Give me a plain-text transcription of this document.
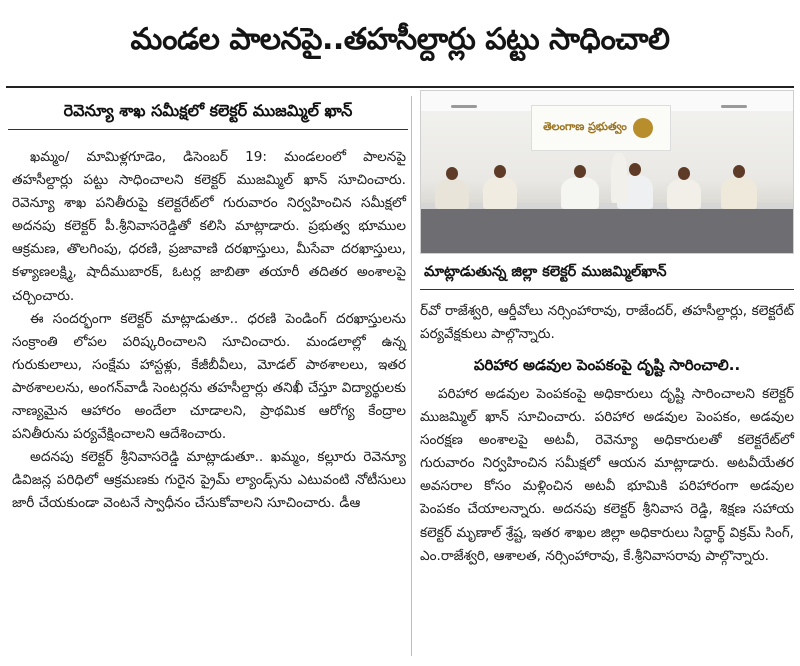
మండల పాలనపై..తహసీల్దార్లు పట్టు సాధించాలి
రెవెన్యూ శాఖ సమీక్షలో కలెక్టర్ ముజమ్మిల్ ఖాన్

ఖమ్మం/ మామిళ్లగూడెం, డిసెంబర్ 19: మండలంలో పాలనపై తహసీల్దార్లు పట్టు సాధించాలని కలెక్టర్ ముజమ్మిల్ ఖాన్ సూచించారు. రెవెన్యూ శాఖ పనితీరుపై కలెక్టరేట్‌లో గురువారం నిర్వహించిన సమీక్షలో అదనపు కలెక్టర్ పీ.శ్రీనివాసరెడ్డితో కలిసి మాట్లాడారు. ప్రభుత్వ భూముల ఆక్రమణ, తొలగింపు, ధరణి, ప్రజావాణి దరఖాస్తులు, మీసేవా దరఖాస్తులు, కళ్యాణలక్ష్మి, షాదీముబారక్, ఓటర్ల జాబితా తయారీ తదితర అంశాలపై చర్చించారు.

ఈ సందర్భంగా కలెక్టర్ మాట్లాడుతూ.. ధరణి పెండింగ్ దరఖాస్తులను సంక్రాంతి లోపల పరిష్కరించాలని సూచించారు. మండలాల్లో ఉన్న గురుకులాలు, సంక్షేమ హాస్టళ్లు, కేజీబీవీలు, మోడల్ పాఠశాలలు, ఇతర పాఠశాలలను, అంగన్‌వాడీ సెంటర్లను తహసీల్దార్లు తనిఖీ చేస్తూ విద్యార్థులకు నాణ్యమైన ఆహారం అందేలా చూడాలని, ప్రాథమిక ఆరోగ్య కేంద్రాల పనితీరును పర్యవేక్షించాలని ఆదేశించారు.

అదనపు కలెక్టర్ శ్రీనివాసరెడ్డి మాట్లాడుతూ.. ఖమ్మం, కల్లూరు రెవెన్యూ డివిజన్ల పరిధిలో ఆక్రమణకు గురైన ప్రైమ్ ల్యాండ్స్‌ను ఎటువంటి నోటీసులు జారీ చేయకుండా వెంటనే స్వాధీనం చేసుకోవాలని సూచించారు. డీఆ

తెలంగాణ ప్రభుత్వం
మాట్లాడుతున్న జిల్లా కలెక్టర్ ముజమ్మిల్‌ఖాన్

ర్‌వో రాజేశ్వరి, ఆర్డీవోలు నర్సింహారావు, రాజేందర్, తహసీల్దార్లు, కలెక్టరేట్ పర్యవేక్షకులు పాల్గొన్నారు.

పరిహార అడవుల పెంపకంపై దృష్టి సారించాలి..

పరిహార అడవుల పెంపకంపై అధికారులు దృష్టి సారించాలని కలెక్టర్ ముజమ్మిల్ ఖాన్ సూచించారు. పరిహార అడవుల పెంపకం, అడవుల సంరక్షణ అంశాలపై అటవీ, రెవెన్యూ అధికారులతో కలెక్టరేట్‌లో గురువారం నిర్వహించిన సమీక్షలో ఆయన మాట్లాడారు. అటవీయేతర అవసరాల కోసం మళ్లించిన అటవీ భూమికి పరిహారంగా అడవుల పెంపకం చేయాలన్నారు. అదనపు కలెక్టర్ శ్రీనివాస రెడ్డి, శిక్షణ సహాయ కలెక్టర్ మృణాల్ శ్రేష్ట, ఇతర శాఖల జిల్లా అధికారులు సిద్ధార్థ్ విక్రమ్ సింగ్, ఎం.రాజేశ్వరి, ఆశాలత, నర్సింహారావు, కే.శ్రీనివాసరావు పాల్గొన్నారు.
